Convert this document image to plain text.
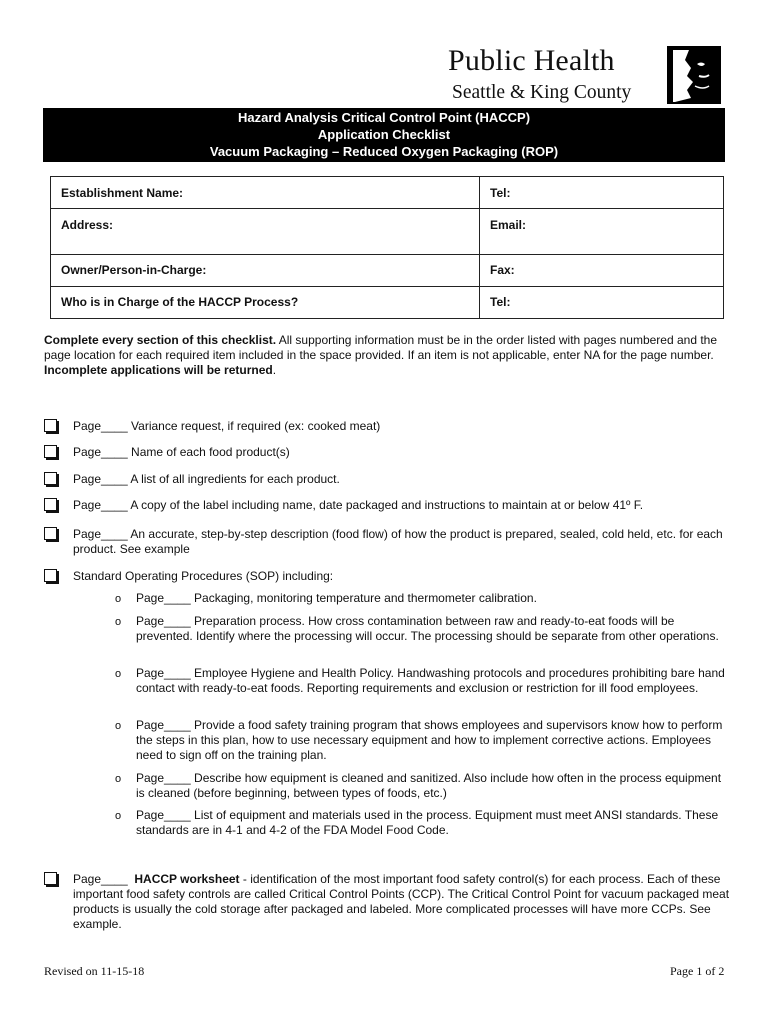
Public Health
Seattle & King County
Hazard Analysis Critical Control Point (HACCP)
Application Checklist
Vacuum Packaging – Reduced Oxygen Packaging (ROP)
Establishment Name:	Tel:
Address:	Email:
Owner/Person-in-Charge:	Fax:
Who is in Charge of the HACCP Process?	Tel:
Complete every section of this checklist. All supporting information must be in the order listed with pages numbered and the page location for each required item included in the space provided. If an item is not applicable, enter NA for the page number.
Incomplete applications will be returned.
Page____ Variance request, if required (ex: cooked meat)
Page____ Name of each food product(s)
Page____ A list of all ingredients for each product.
Page____ A copy of the label including name, date packaged and instructions to maintain at or below 41º F.
Page____ An accurate, step-by-step description (food flow) of how the product is prepared, sealed, cold held, etc. for each product. See example
Standard Operating Procedures (SOP) including:
o Page____ Packaging, monitoring temperature and thermometer calibration.
o Page____ Preparation process. How cross contamination between raw and ready-to-eat foods will be prevented. Identify where the processing will occur. The processing should be separate from other operations.
o Page____ Employee Hygiene and Health Policy. Handwashing protocols and procedures prohibiting bare hand contact with ready-to-eat foods. Reporting requirements and exclusion or restriction for ill food employees.
o Page____ Provide a food safety training program that shows employees and supervisors know how to perform the steps in this plan, how to use necessary equipment and how to implement corrective actions. Employees need to sign off on the training plan.
o Page____ Describe how equipment is cleaned and sanitized. Also include how often in the process equipment is cleaned (before beginning, between types of foods, etc.)
o Page____ List of equipment and materials used in the process. Equipment must meet ANSI standards. These standards are in 4-1 and 4-2 of the FDA Model Food Code.
Page____  HACCP worksheet - identification of the most important food safety control(s) for each process. Each of these important food safety controls are called Critical Control Points (CCP). The Critical Control Point for vacuum packaged meat products is usually the cold storage after packaged and labeled. More complicated processes will have more CCPs. See example.
Revised on 11-15-18	Page 1 of 2
